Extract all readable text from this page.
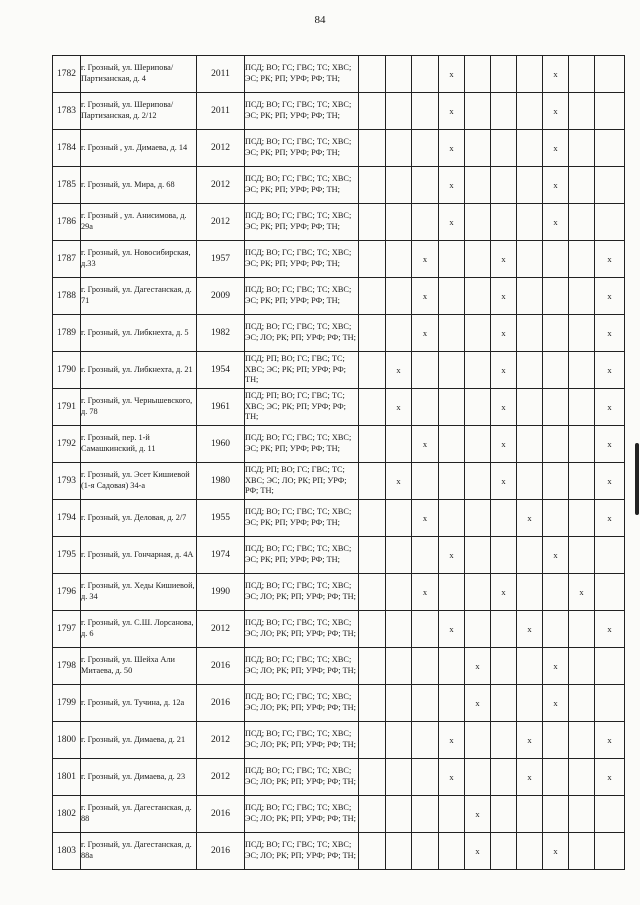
84
1782	г. Грозный, ул. Шерипова/Партизанская, д. 4	2011	ПСД; ВО; ГС; ГВС; ТС; ХВС; ЭС; РК; РП; УРФ; РФ; ТН;				x				x		
1783	г. Грозный, ул. Шерипова/Партизанская, д. 2/12	2011	ПСД; ВО; ГС; ГВС; ТС; ХВС; ЭС; РК; РП; УРФ; РФ; ТН;				x				x		
1784	г. Грозный , ул. Димаева, д. 14	2012	ПСД; ВО; ГС; ГВС; ТС; ХВС; ЭС; РК; РП; УРФ; РФ; ТН;				x				x		
1785	г. Грозный, ул. Мира, д. 68	2012	ПСД; ВО; ГС; ГВС; ТС; ХВС; ЭС; РК; РП; УРФ; РФ; ТН;				x				x		
1786	г. Грозный , ул. Анисимова, д. 29а	2012	ПСД; ВО; ГС; ГВС; ТС; ХВС; ЭС; РК; РП; УРФ; РФ; ТН;				x				x		
1787	г. Грозный, ул. Новосибирская, д.33	1957	ПСД; ВО; ГС; ГВС; ТС; ХВС; ЭС; РК; РП; УРФ; РФ; ТН;			x			x				x
1788	г. Грозный, ул. Дагестанская, д. 71	2009	ПСД; ВО; ГС; ГВС; ТС; ХВС; ЭС; РК; РП; УРФ; РФ; ТН;			x			x				x
1789	г. Грозный, ул. Либкнехта, д. 5	1982	ПСД; ВО; ГС; ГВС; ТС; ХВС; ЭС; ЛО; РК; РП; УРФ; РФ; ТН;			x			x				x
1790	г. Грозный, ул. Либкнехта, д. 21	1954	ПСД; РП; ВО; ГС; ГВС; ТС; ХВС; ЭС; РК; РП; УРФ; РФ; ТН;		x				x				x
1791	г. Грозный, ул. Чернышевского, д. 78	1961	ПСД; РП; ВО; ГС; ГВС; ТС; ХВС; ЭС; РК; РП; УРФ; РФ; ТН;		x				x				x
1792	г. Грозный, пер. 1-й Самашкинский, д. 11	1960	ПСД; ВО; ГС; ГВС; ТС; ХВС; ЭС; РК; РП; УРФ; РФ; ТН;			x			x				x
1793	г. Грозный, ул. Эсет Кишиевой (1-я Садовая) 34-а	1980	ПСД; РП; ВО; ГС; ГВС; ТС; ХВС; ЭС; ЛО; РК; РП; УРФ; РФ; ТН;		x				x				x
1794	г. Грозный, ул. Деловая, д. 2/7	1955	ПСД; ВО; ГС; ГВС; ТС; ХВС; ЭС; РК; РП; УРФ; РФ; ТН;			x				x			x
1795	г. Грозный, ул. Гончарная, д. 4А	1974	ПСД; ВО; ГС; ГВС; ТС; ХВС; ЭС; РК; РП; УРФ; РФ; ТН;				x				x		
1796	г. Грозный, ул. Хеды Кишиевой, д. 34	1990	ПСД; ВО; ГС; ГВС; ТС; ХВС; ЭС; ЛО; РК; РП; УРФ; РФ; ТН;			x			x			x	
1797	г. Грозный, ул. С.Ш. Лорсанова, д. 6	2012	ПСД; ВО; ГС; ГВС; ТС; ХВС; ЭС; ЛО; РК; РП; УРФ; РФ; ТН;				x			x			x
1798	г. Грозный, ул. Шейха Али Митаева, д. 50	2016	ПСД; ВО; ГС; ГВС; ТС; ХВС; ЭС; ЛО; РК; РП; УРФ; РФ; ТН;					x			x		
1799	г. Грозный, ул. Тучина, д. 12а	2016	ПСД; ВО; ГС; ГВС; ТС; ХВС; ЭС; ЛО; РК; РП; УРФ; РФ; ТН;					x			x		
1800	г. Грозный, ул. Димаева, д. 21	2012	ПСД; ВО; ГС; ГВС; ТС; ХВС; ЭС; ЛО; РК; РП; УРФ; РФ; ТН;				x			x			x
1801	г. Грозный, ул. Димаева, д. 23	2012	ПСД; ВО; ГС; ГВС; ТС; ХВС; ЭС; ЛО; РК; РП; УРФ; РФ; ТН;				x			x			x
1802	г. Грозный, ул. Дагестанская, д. 88	2016	ПСД; ВО; ГС; ГВС; ТС; ХВС; ЭС; ЛО; РК; РП; УРФ; РФ; ТН;					x					
1803	г. Грозный, ул. Дагестанская, д. 88а	2016	ПСД; ВО; ГС; ГВС; ТС; ХВС; ЭС; ЛО; РК; РП; УРФ; РФ; ТН;					x			x		
